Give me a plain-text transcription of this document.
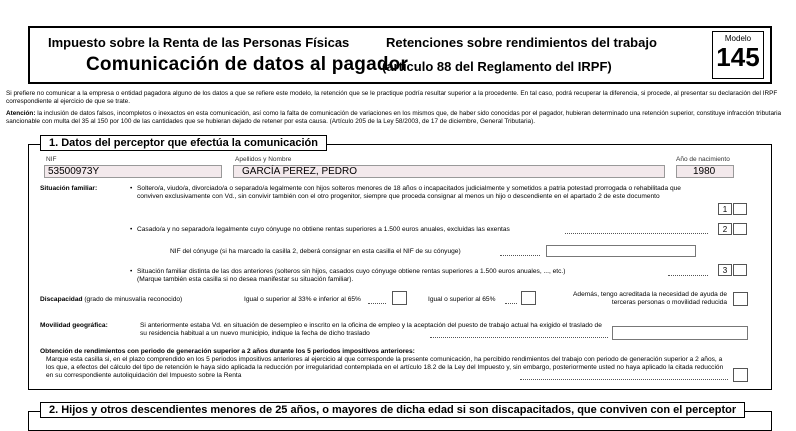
Impuesto sobre la Renta de las Personas Físicas	Retenciones sobre rendimientos del trabajo
Comunicación de datos al pagador
(artículo 88 del Reglamento del IRPF)
Modelo
145
Si prefiere no comunicar a la empresa o entidad pagadora alguno de los datos a que se refiere este modelo, la retención que se le practique podría resultar superior a la procedente. En tal caso, podrá recuperar la diferencia, si procede, al presentar su declaración del IRPF correspondiente al ejercicio de que se trate.
Atención: la inclusión de datos falsos, incompletos o inexactos en esta comunicación, así como la falta de comunicación de variaciones en los mismos que, de haber sido conocidas por el pagador, hubieran determinado una retención superior, constituye infracción tributaria sancionable con multa del 35 al 150 por 100 de las cantidades que se hubieran dejado de retener por esta causa. (Artículo 205 de la Ley 58/2003, de 17 de diciembre, General Tributaria).
1. Datos del perceptor que efectúa la comunicación
NIF
53500973Y
Apellidos y Nombre
GARCÍA PEREZ, PEDRO
Año de nacimiento
1980
Situación familiar:	• Soltero/a, viudo/a, divorciado/a o separado/a legalmente con hijos solteros menores de 18 años o incapacitados judicialmente y sometidos a patria potestad prorrogada o rehabilitada que conviven exclusivamente con Vd., sin convivir también con el otro progenitor, siempre que proceda consignar al menos un hijo o descendiente en el apartado 2 de este documento
1
• Casado/a y no separado/a legalmente cuyo cónyuge no obtiene rentas superiores a 1.500 euros anuales, excluidas las exentas	2
NIF del cónyuge (si ha marcado la casilla 2, deberá consignar en esta casilla el NIF de su cónyuge)
• Situación familiar distinta de las dos anteriores (solteros sin hijos, casados cuyo cónyuge obtiene rentas superiores a 1.500 euros anuales, ..., etc.)
(Marque también esta casilla si no desea manifestar su situación familiar).
3
Discapacidad (grado de minusvalía reconocido)	Igual o superior al 33% e inferior al 65%	Igual o superior al 65%
Además, tengo acreditada la necesidad de ayuda de terceras personas o movilidad reducida
Movilidad geográfica:	Si anteriormente estaba Vd. en situación de desempleo e inscrito en la oficina de empleo y la aceptación del puesto de trabajo actual ha exigido el traslado de su residencia habitual a un nuevo municipio, indique la fecha de dicho traslado
Obtención de rendimientos con periodo de generación superior a 2 años durante los 5 periodos impositivos anteriores:
Marque esta casilla si, en el plazo comprendido en los 5 periodos impositivos anteriores al ejercicio al que corresponde la presente comunicación, ha percibido rendimientos del trabajo con periodo de generación superior a 2 años, a los que, a efectos del cálculo del tipo de retención le haya sido aplicada la reducción por irregularidad contemplada en el artículo 18.2 de la Ley del Impuesto y, sin embargo, posteriormente usted no haya aplicado la citada reducción en su correspondiente autoliquidación del Impuesto sobre la Renta
2. Hijos y otros descendientes menores de 25 años, o mayores de dicha edad si son discapacitados, que conviven con el perceptor
